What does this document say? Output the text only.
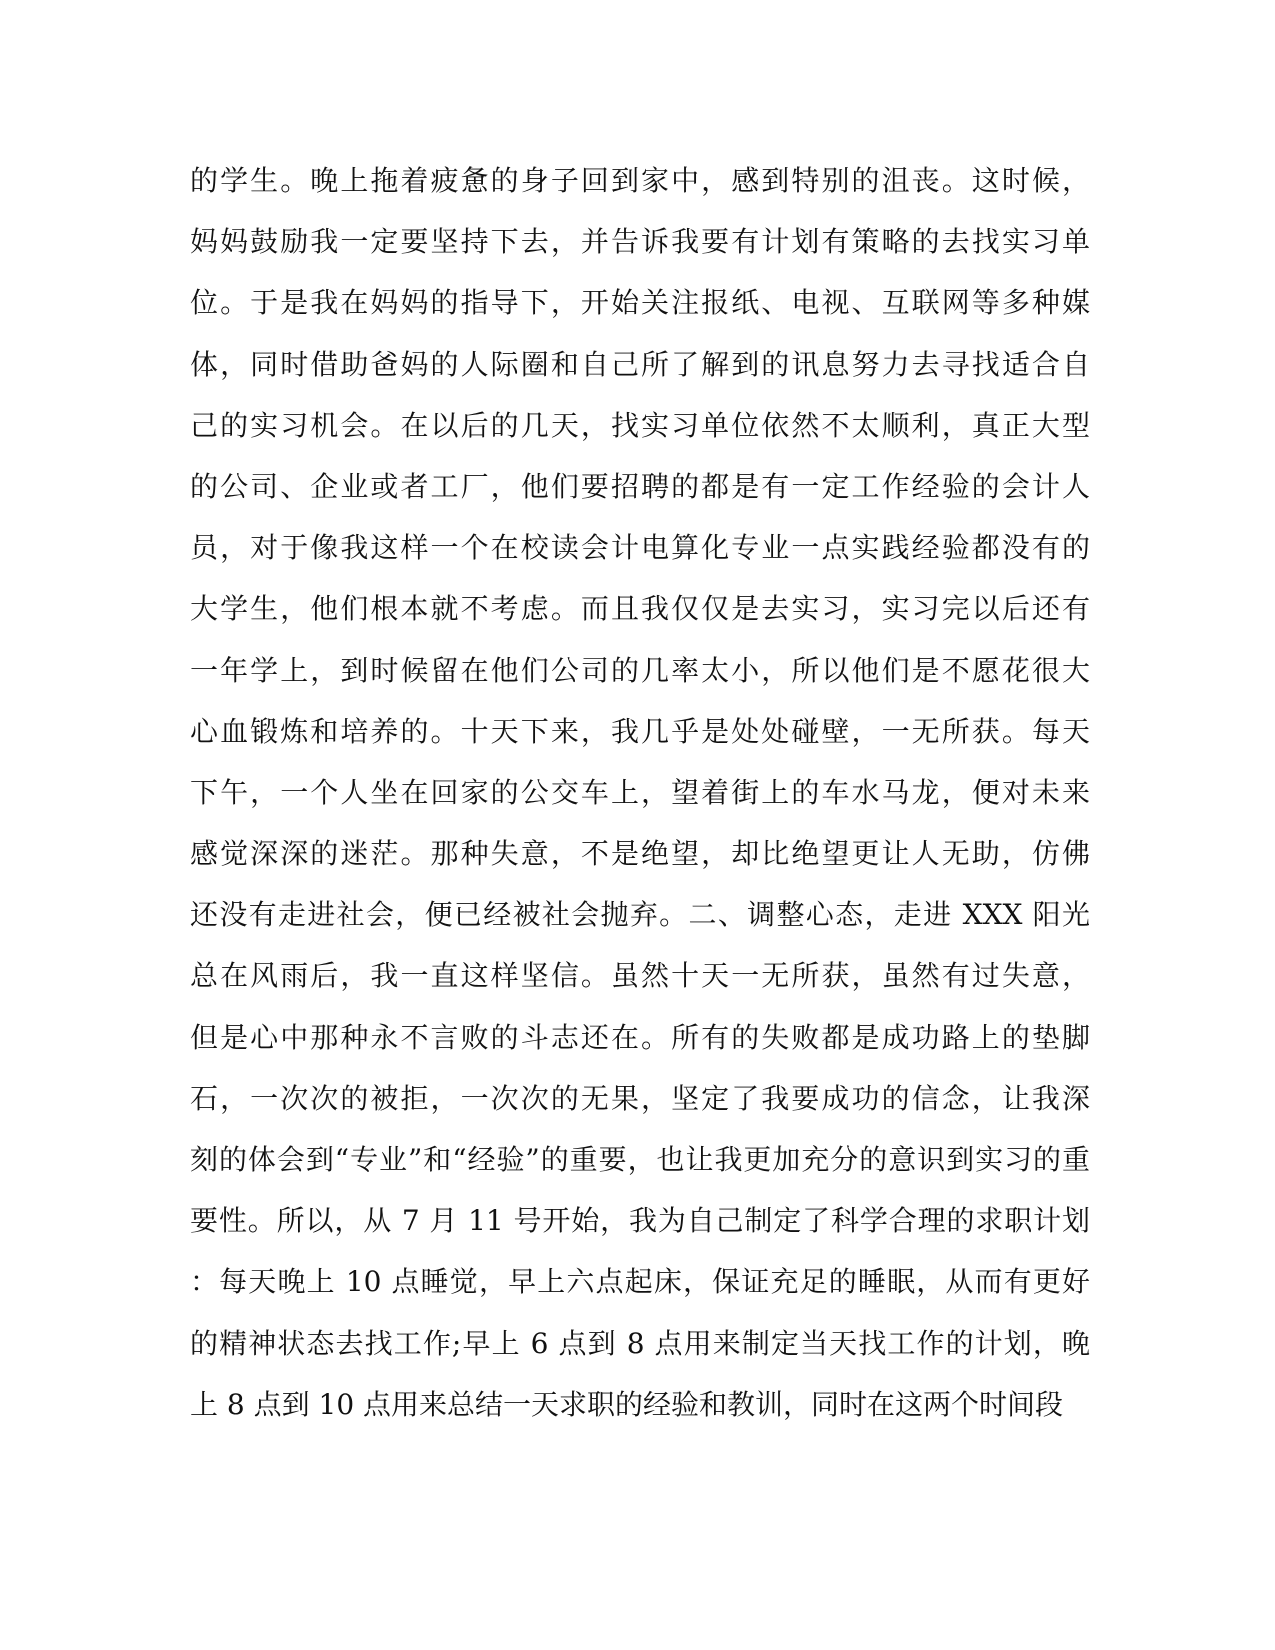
的学生。晚上拖着疲惫的身子回到家中，感到特别的沮丧。这时候，
妈妈鼓励我一定要坚持下去，并告诉我要有计划有策略的去找实习单
位。于是我在妈妈的指导下，开始关注报纸、电视、互联网等多种媒
体，同时借助爸妈的人际圈和自己所了解到的讯息努力去寻找适合自
己的实习机会。在以后的几天，找实习单位依然不太顺利，真正大型
的公司、企业或者工厂，他们要招聘的都是有一定工作经验的会计人
员，对于像我这样一个在校读会计电算化专业一点实践经验都没有的
大学生，他们根本就不考虑。而且我仅仅是去实习，实习完以后还有
一年学上，到时候留在他们公司的几率太小，所以他们是不愿花很大
心血锻炼和培养的。十天下来，我几乎是处处碰壁，一无所获。每天
下午，一个人坐在回家的公交车上，望着街上的车水马龙，便对未来
感觉深深的迷茫。那种失意，不是绝望，却比绝望更让人无助，仿佛
还没有走进社会，便已经被社会抛弃。二、调整心态，走进 XXX 阳光
总在风雨后，我一直这样坚信。虽然十天一无所获，虽然有过失意，
但是心中那种永不言败的斗志还在。所有的失败都是成功路上的垫脚
石，一次次的被拒，一次次的无果，坚定了我要成功的信念，让我深
刻的体会到“专业”和“经验”的重要，也让我更加充分的意识到实习的重
要性。所以，从 7 月 11 号开始，我为自己制定了科学合理的求职计划
：每天晚上 10 点睡觉，早上六点起床，保证充足的睡眠，从而有更好
的精神状态去找工作;早上 6 点到 8 点用来制定当天找工作的计划，晚
上 8 点到 10 点用来总结一天求职的经验和教训，同时在这两个时间段
